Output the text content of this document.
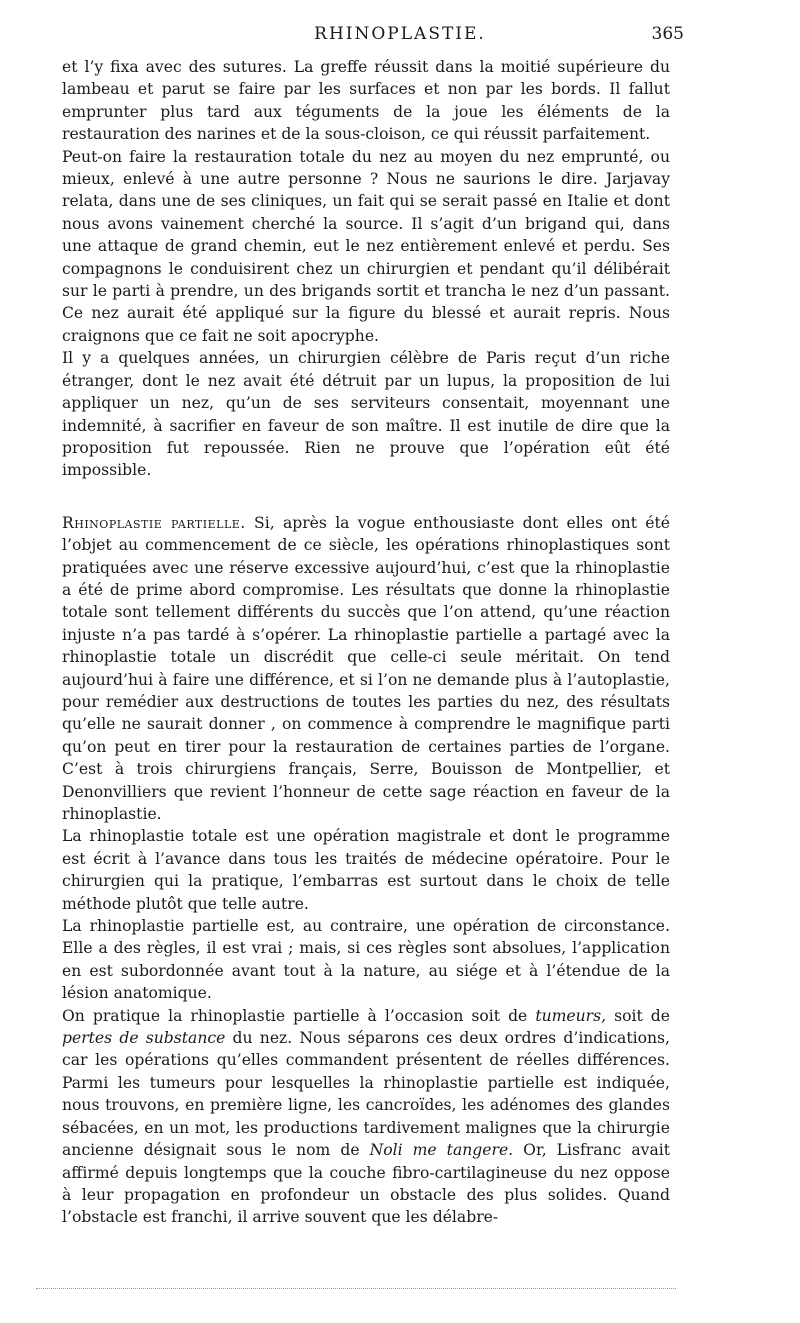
RHINOPLASTIE.	365

et l’y fixa avec des sutures. La greffe réussit dans la moitié supérieure du lambeau et parut se faire par les surfaces et non par les bords. Il fallut emprunter plus tard aux téguments de la joue les éléments de la restauration des narines et de la sous-cloison, ce qui réussit parfaitement.

Peut-on faire la restauration totale du nez au moyen du nez emprunté, ou mieux, enlevé à une autre personne ? Nous ne saurions le dire. Jarjavay relata, dans une de ses cliniques, un fait qui se serait passé en Italie et dont nous avons vainement cherché la source. Il s’agit d’un brigand qui, dans une attaque de grand chemin, eut le nez entièrement enlevé et perdu. Ses compagnons le conduisirent chez un chirurgien et pendant qu’il délibérait sur le parti à prendre, un des brigands sortit et trancha le nez d’un passant. Ce nez aurait été appliqué sur la figure du blessé et aurait repris. Nous craignons que ce fait ne soit apocryphe.

Il y a quelques années, un chirurgien célèbre de Paris reçut d’un riche étranger, dont le nez avait été détruit par un lupus, la proposition de lui appliquer un nez, qu’un de ses serviteurs consentait, moyennant une indemnité, à sacrifier en faveur de son maître. Il est inutile de dire que la proposition fut repoussée. Rien ne prouve que l’opération eût été impossible.

Rhinoplastie partielle. Si, après la vogue enthousiaste dont elles ont été l’objet au commencement de ce siècle, les opérations rhinoplastiques sont pratiquées avec une réserve excessive aujourd’hui, c’est que la rhinoplastie a été de prime abord compromise. Les résultats que donne la rhinoplastie totale sont tellement différents du succès que l’on attend, qu’une réaction injuste n’a pas tardé à s’opérer. La rhinoplastie partielle a partagé avec la rhinoplastie totale un discrédit que celle-ci seule méritait. On tend aujourd’hui à faire une différence, et si l’on ne demande plus à l’autoplastie, pour remédier aux destructions de toutes les parties du nez, des résultats qu’elle ne saurait donner , on commence à comprendre le magnifique parti qu’on peut en tirer pour la restauration de certaines parties de l’organe. C’est à trois chirurgiens français, Serre, Bouisson de Montpellier, et Denonvilliers que revient l’honneur de cette sage réaction en faveur de la rhinoplastie.

La rhinoplastie totale est une opération magistrale et dont le programme est écrit à l’avance dans tous les traités de médecine opératoire. Pour le chirurgien qui la pratique, l’embarras est surtout dans le choix de telle méthode plutôt que telle autre.

La rhinoplastie partielle est, au contraire, une opération de circonstance. Elle a des règles, il est vrai ; mais, si ces règles sont absolues, l’application en est subordonnée avant tout à la nature, au siége et à l’étendue de la lésion anatomique.

On pratique la rhinoplastie partielle à l’occasion soit de tumeurs, soit de pertes de substance du nez. Nous séparons ces deux ordres d’indications, car les opérations qu’elles commandent présentent de réelles différences. Parmi les tumeurs pour lesquelles la rhinoplastie partielle est indiquée, nous trouvons, en première ligne, les cancroïdes, les adénomes des glandes sébacées, en un mot, les productions tardivement malignes que la chirurgie ancienne désignait sous le nom de Noli me tangere. Or, Lisfranc avait affirmé depuis longtemps que la couche fibro-cartilagineuse du nez oppose à leur propagation en profondeur un obstacle des plus solides. Quand l’obstacle est franchi, il arrive souvent que les délabre-
